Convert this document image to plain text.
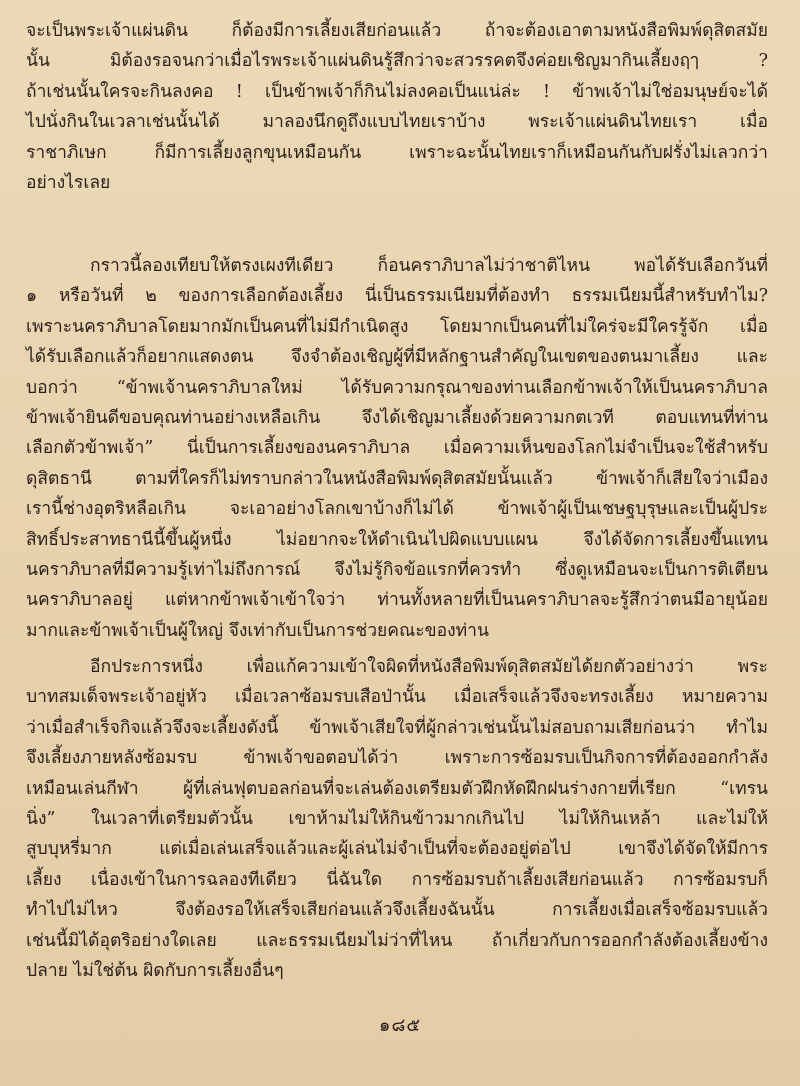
จะเป็นพระเจ้าแผ่นดิน ก็ต้องมีการเลี้ยงเสียก่อนแล้ว ถ้าจะต้องเอาตามหนังสือพิมพ์ดุสิตสมัย
นั้น มิต้องรอจนกว่าเมื่อไรพระเจ้าแผ่นดินรู้สึกว่าจะสวรรคตจึงค่อยเชิญมากินเลี้ยงฤๅ ?
ถ้าเช่นนั้นใครจะกินลงคอ ! เป็นข้าพเจ้าก็กินไม่ลงคอเป็นแน่ล่ะ ! ข้าพเจ้าไม่ใช่อมนุษย์จะได้
ไปนั่งกินในเวลาเช่นนั้นได้ มาลองนึกดูถึงแบบไทยเราบ้าง พระเจ้าแผ่นดินไทยเรา เมื่อ
ราชาภิเษก ก็มีการเลี้ยงลูกขุนเหมือนกัน เพราะฉะนั้นไทยเราก็เหมือนกันกับฝรั่งไม่เลวกว่า
อย่างไรเลย
กราวนี้ลองเทียบให้ตรงเผงทีเดียว ก็อนคราภิบาลไม่ว่าชาติไหน พอได้รับเลือกวันที่
๑ หรือวันที่ ๒ ของการเลือกต้องเลี้ยง นี่เป็นธรรมเนียมที่ต้องทำ ธรรมเนียมนี้สำหรับทำไม?
เพราะนคราภิบาลโดยมากมักเป็นคนที่ไม่มีกำเนิดสูง โดยมากเป็นคนที่ไม่ใคร่จะมีใครรู้จัก เมื่อ
ได้รับเลือกแล้วก็อยากแสดงตน จึงจำต้องเชิญผู้ที่มีหลักฐานสำคัญในเขตของตนมาเลี้ยง และ
บอกว่า “ข้าพเจ้านคราภิบาลใหม่ ได้รับความกรุณาของท่านเลือกข้าพเจ้าให้เป็นนคราภิบาล
ข้าพเจ้ายินดีขอบคุณท่านอย่างเหลือเกิน จึงได้เชิญมาเลี้ยงด้วยความกตเวที ตอบแทนที่ท่าน
เลือกตัวข้าพเจ้า” นี่เป็นการเลี้ยงของนคราภิบาล เมื่อความเห็นของโลกไม่จำเป็นจะใช้สำหรับ
ดุสิตธานี ตามที่ใครก็ไม่ทราบกล่าวในหนังสือพิมพ์ดุสิตสมัยนั้นแล้ว ข้าพเจ้าก็เสียใจว่าเมือง
เรานี้ช่างอุตริหลือเกิน จะเอาอย่างโลกเขาบ้างก็ไม่ได้ ข้าพเจ้าผู้เป็นเชษฐบุรุษและเป็นผู้ประ
สิทธิ์ประสาทธานีนี้ขึ้นผู้หนึ่ง ไม่อยากจะให้ดำเนินไปผิดแบบแผน จึงได้จัดการเลี้ยงขึ้นแทน
นคราภิบาลที่มีความรู้เท่าไม่ถึงการณ์ จึงไม่รู้กิจข้อแรกที่ควรทำ ซึ่งดูเหมือนจะเป็นการติเตียน
นคราภิบาลอยู่ แต่หากข้าพเจ้าเข้าใจว่า ท่านทั้งหลายที่เป็นนคราภิบาลจะรู้สึกว่าตนมีอายุน้อย
มากและข้าพเจ้าเป็นผู้ใหญ่ จึงเท่ากับเป็นการช่วยคณะของท่าน
อีกประการหนึ่ง เพื่อแก้ความเข้าใจผิดที่หนังสือพิมพ์ดุสิตสมัยได้ยกตัวอย่างว่า พระ
บาทสมเด็จพระเจ้าอยู่หัว เมื่อเวลาซ้อมรบเสือป่านั้น เมื่อเสร็จแล้วจึงจะทรงเลี้ยง หมายความ
ว่าเมื่อสำเร็จกิจแล้วจึงจะเลี้ยงดังนี้ ข้าพเจ้าเสียใจที่ผู้กล่าวเช่นนั้นไม่สอบถามเสียก่อนว่า ทำไม
จึงเลี้ยงภายหลังซ้อมรบ ข้าพเจ้าขอตอบได้ว่า เพราะการซ้อมรบเป็นกิจการที่ต้องออกกำลัง
เหมือนเล่นกีฬา ผู้ที่เล่นฟุตบอลก่อนที่จะเล่นต้องเตรียมตัวฝึกหัดฝึกฝนร่างกายที่เรียก “เทรน
นิ่ง” ในเวลาที่เตรียมตัวนั้น เขาห้ามไม่ให้กินข้าวมากเกินไป ไม่ให้กินเหล้า และไม่ให้
สูบบุหรี่มาก แต่เมื่อเล่นเสร็จแล้วและผู้เล่นไม่จำเป็นที่จะต้องอยู่ต่อไป เขาจึงได้จัดให้มีการ
เลี้ยง เนื่องเข้าในการฉลองทีเดียว นี่ฉันใด การซ้อมรบถ้าเลี้ยงเสียก่อนแล้ว การซ้อมรบก็
ทำไปไม่ไหว จึงต้องรอให้เสร็จเสียก่อนแล้วจึงเลี้ยงฉันนั้น การเลี้ยงเมื่อเสร็จซ้อมรบแล้ว
เช่นนี้มิได้อุตริอย่างใดเลย และธรรมเนียมไม่ว่าที่ไหน ถ้าเกี่ยวกับการออกกำลังต้องเลี้ยงข้าง
ปลาย ไม่ใช่ต้น ผิดกับการเลี้ยงอื่นๆ
๑๘๕
